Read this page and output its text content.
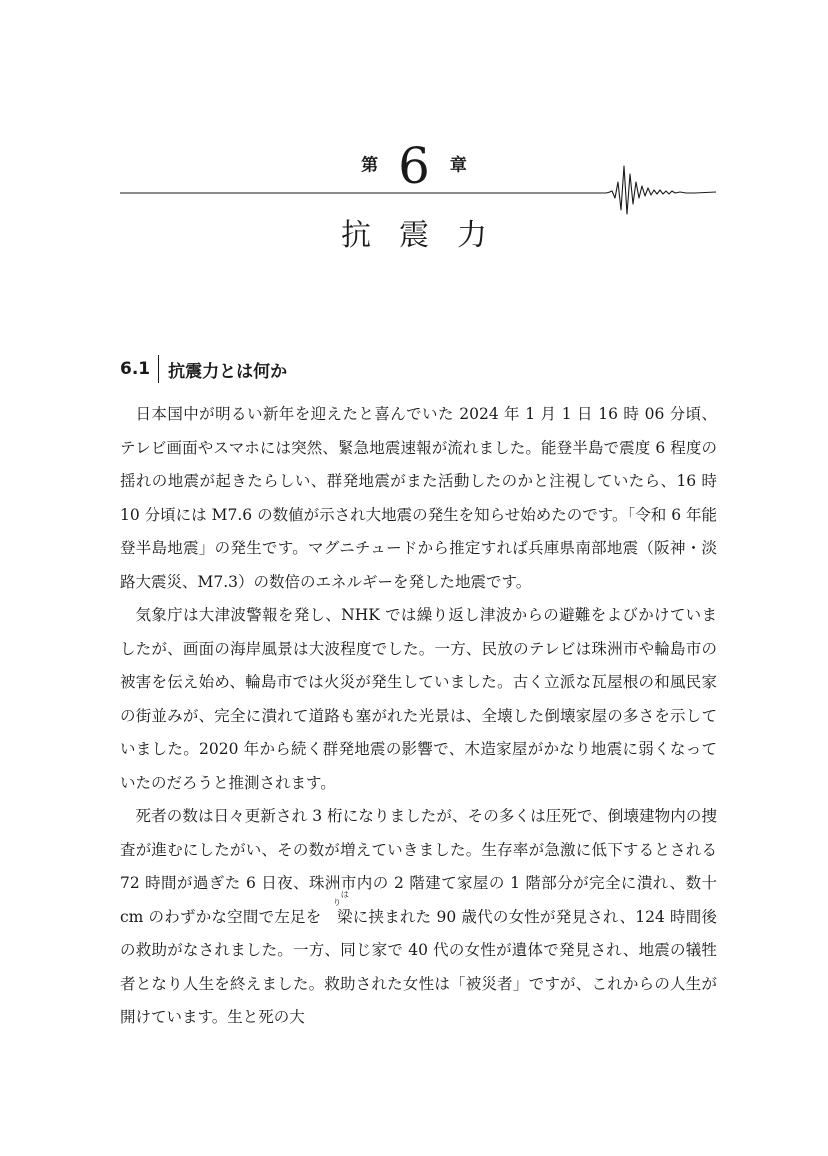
第 6 章
抗震力
6.1	抗震力とは何か

日本国中が明るい新年を迎えたと喜んでいた 2024 年 1 月 1 日 16 時 06 分頃、テレビ画面やスマホには突然、緊急地震速報が流れました。能登半島で震度 6 程度の揺れの地震が起きたらしい、群発地震がまた活動したのかと注視していたら、16 時 10 分頃には M7.6 の数値が示され大地震の発生を知らせ始めたのです。「令和 6 年能登半島地震」の発生です。マグニチュードから推定すれば兵庫県南部地震（阪神・淡路大震災、M7.3）の数倍のエネルギーを発した地震です。

気象庁は大津波警報を発し、NHK では繰り返し津波からの避難をよびかけていましたが、画面の海岸風景は大波程度でした。一方、民放のテレビは珠洲市や輪島市の被害を伝え始め、輪島市では火災が発生していました。古く立派な瓦屋根の和風民家の街並みが、完全に潰れて道路も塞がれた光景は、全壊した倒壊家屋の多さを示していました。2020 年から続く群発地震の影響で、木造家屋がかなり地震に弱くなっていたのだろうと推測されます。

死者の数は日々更新され 3 桁になりましたが、その多くは圧死で、倒壊建物内の捜査が進むにしたがい、その数が増えていきました。生存率が急激に低下するとされる 72 時間が過ぎた 6 日夜、珠洲市内の 2 階建て家屋の 1 階部分が完全に潰れ、数十 cm のわずかな空間で左足を
はり
梁に挟まれた 90 歳代の女性が発見され、124 時間後の救助がなされました。一方、同じ家で 40 代の女性が遺体で発見され、地震の犠牲者となり人生を終えました。救助された女性は「被災者」ですが、これからの人生が開けています。生と死の大
